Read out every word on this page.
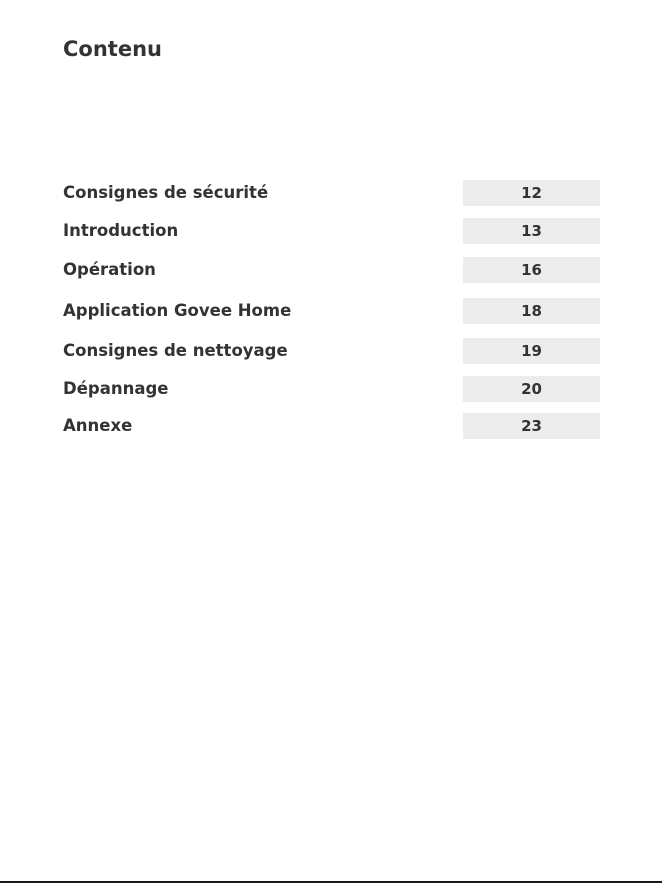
Contenu
Consignes de sécurité	12
Introduction	13
Opération	16
Application Govee Home	18
Consignes de nettoyage	19
Dépannage	20
Annexe	23
